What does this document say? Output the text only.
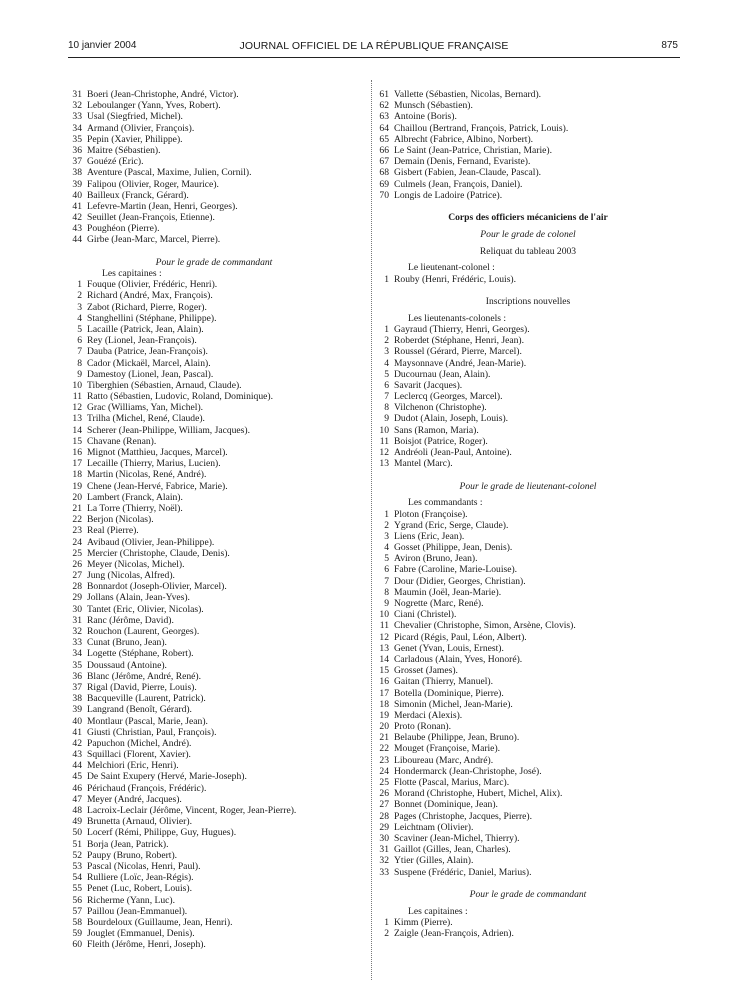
10 janvier 2004	JOURNAL OFFICIEL DE LA RÉPUBLIQUE FRANÇAISE	875
31 Boeri (Jean-Christophe, André, Victor).
32 Leboulanger (Yann, Yves, Robert).
33 Usal (Siegfried, Michel).
34 Armand (Olivier, François).
35 Pepin (Xavier, Philippe).
36 Maitre (Sébastien).
37 Gouézé (Eric).
38 Aventure (Pascal, Maxime, Julien, Cornil).
39 Falipou (Olivier, Roger, Maurice).
40 Bailleux (Franck, Gérard).
41 Lefevre-Martin (Jean, Henri, Georges).
42 Seuillet (Jean-François, Etienne).
43 Poughéon (Pierre).
44 Girbe (Jean-Marc, Marcel, Pierre).
Pour le grade de commandant
Les capitaines :
1 Fouque (Olivier, Frédéric, Henri).
2 Richard (André, Max, François).
3 Zabot (Richard, Pierre, Roger).
4 Stanghellini (Stéphane, Philippe).
5 Lacaille (Patrick, Jean, Alain).
6 Rey (Lionel, Jean-François).
7 Dauba (Patrice, Jean-François).
8 Cador (Mickaël, Marcel, Alain).
9 Damestoy (Lionel, Jean, Pascal).
10 Tiberghien (Sébastien, Arnaud, Claude).
11 Ratto (Sébastien, Ludovic, Roland, Dominique).
12 Grac (Williams, Yan, Michel).
13 Trilha (Michel, René, Claude).
14 Scherer (Jean-Philippe, William, Jacques).
15 Chavane (Renan).
16 Mignot (Matthieu, Jacques, Marcel).
17 Lecaille (Thierry, Marius, Lucien).
18 Martin (Nicolas, René, André).
19 Chene (Jean-Hervé, Fabrice, Marie).
20 Lambert (Franck, Alain).
21 La Torre (Thierry, Noël).
22 Berjon (Nicolas).
23 Real (Pierre).
24 Avibaud (Olivier, Jean-Philippe).
25 Mercier (Christophe, Claude, Denis).
26 Meyer (Nicolas, Michel).
27 Jung (Nicolas, Alfred).
28 Bonnardot (Joseph-Olivier, Marcel).
29 Jollans (Alain, Jean-Yves).
30 Tantet (Eric, Olivier, Nicolas).
31 Ranc (Jérôme, David).
32 Rouchon (Laurent, Georges).
33 Cunat (Bruno, Jean).
34 Logette (Stéphane, Robert).
35 Doussaud (Antoine).
36 Blanc (Jérôme, André, René).
37 Rigal (David, Pierre, Louis).
38 Bacqueville (Laurent, Patrick).
39 Langrand (Benoît, Gérard).
40 Montlaur (Pascal, Marie, Jean).
41 Giusti (Christian, Paul, François).
42 Papuchon (Michel, André).
43 Squillaci (Florent, Xavier).
44 Melchiori (Eric, Henri).
45 De Saint Exupery (Hervé, Marie-Joseph).
46 Périchaud (François, Frédéric).
47 Meyer (André, Jacques).
48 Lacroix-Leclair (Jérôme, Vincent, Roger, Jean-Pierre).
49 Brunetta (Arnaud, Olivier).
50 Locerf (Rémi, Philippe, Guy, Hugues).
51 Borja (Jean, Patrick).
52 Paupy (Bruno, Robert).
53 Pascal (Nicolas, Henri, Paul).
54 Rulliere (Loïc, Jean-Régis).
55 Penet (Luc, Robert, Louis).
56 Richerme (Yann, Luc).
57 Paillou (Jean-Emmanuel).
58 Bourdeloux (Guillaume, Jean, Henri).
59 Jouglet (Emmanuel, Denis).
60 Fleith (Jérôme, Henri, Joseph).
61 Vallette (Sébastien, Nicolas, Bernard).
62 Munsch (Sébastien).
63 Antoine (Boris).
64 Chaillou (Bertrand, François, Patrick, Louis).
65 Albrecht (Fabrice, Albino, Norbert).
66 Le Saint (Jean-Patrice, Christian, Marie).
67 Demain (Denis, Fernand, Evariste).
68 Gisbert (Fabien, Jean-Claude, Pascal).
69 Culmels (Jean, François, Daniel).
70 Longis de Ladoire (Patrice).
Corps des officiers mécaniciens de l'air
Pour le grade de colonel
Reliquat du tableau 2003
Le lieutenant-colonel :
1 Rouby (Henri, Frédéric, Louis).
Inscriptions nouvelles
Les lieutenants-colonels :
1 Gayraud (Thierry, Henri, Georges).
2 Roberdet (Stéphane, Henri, Jean).
3 Roussel (Gérard, Pierre, Marcel).
4 Maysonnave (André, Jean-Marie).
5 Ducournau (Jean, Alain).
6 Savarit (Jacques).
7 Leclercq (Georges, Marcel).
8 Vilchenon (Christophe).
9 Dudot (Alain, Joseph, Louis).
10 Sans (Ramon, Maria).
11 Boisjot (Patrice, Roger).
12 Andréoli (Jean-Paul, Antoine).
13 Mantel (Marc).
Pour le grade de lieutenant-colonel
Les commandants :
1 Ploton (Françoise).
2 Ygrand (Eric, Serge, Claude).
3 Liens (Eric, Jean).
4 Gosset (Philippe, Jean, Denis).
5 Aviron (Bruno, Jean).
6 Fabre (Caroline, Marie-Louise).
7 Dour (Didier, Georges, Christian).
8 Maumin (Joël, Jean-Marie).
9 Nogrette (Marc, René).
10 Ciani (Christel).
11 Chevalier (Christophe, Simon, Arsène, Clovis).
12 Picard (Régis, Paul, Léon, Albert).
13 Genet (Yvan, Louis, Ernest).
14 Carladous (Alain, Yves, Honoré).
15 Grosset (James).
16 Gaitan (Thierry, Manuel).
17 Botella (Dominique, Pierre).
18 Simonin (Michel, Jean-Marie).
19 Merdaci (Alexis).
20 Proto (Ronan).
21 Belaube (Philippe, Jean, Bruno).
22 Mouget (Françoise, Marie).
23 Liboureau (Marc, André).
24 Hondermarck (Jean-Christophe, José).
25 Flotte (Pascal, Marius, Marc).
26 Morand (Christophe, Hubert, Michel, Alix).
27 Bonnet (Dominique, Jean).
28 Pages (Christophe, Jacques, Pierre).
29 Leichtnam (Olivier).
30 Scaviner (Jean-Michel, Thierry).
31 Gaillot (Gilles, Jean, Charles).
32 Ytier (Gilles, Alain).
33 Suspene (Frédéric, Daniel, Marius).
Pour le grade de commandant
Les capitaines :
1 Kimm (Pierre).
2 Zaigle (Jean-François, Adrien).
